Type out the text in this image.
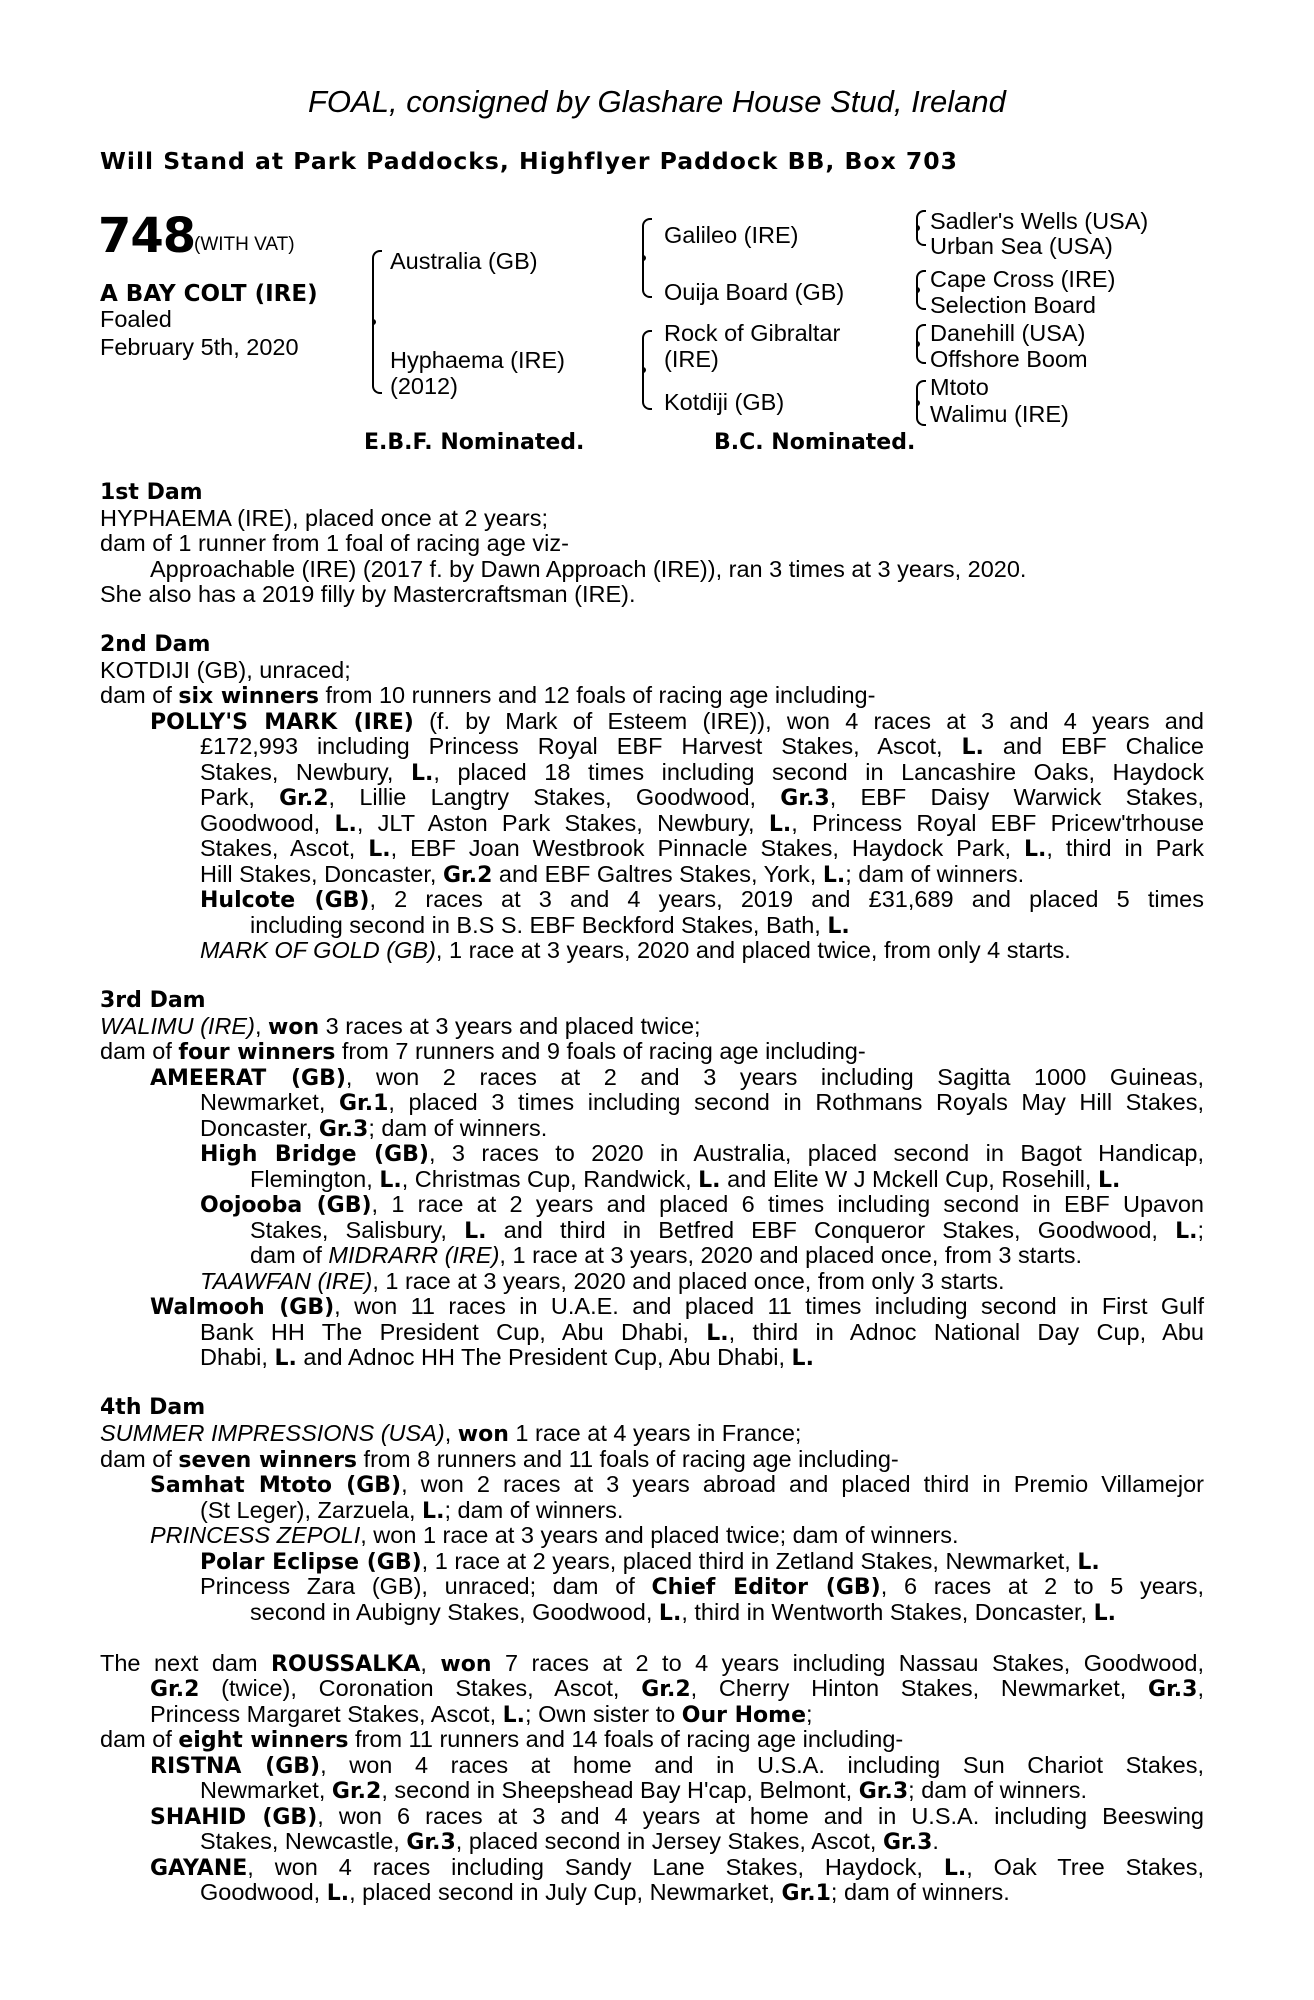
FOAL, consigned by Glashare House Stud, Ireland
Will Stand at Park Paddocks, Highflyer Paddock BB, Box 703
748
(WITH VAT)
A BAY COLT (IRE)
Foaled
February 5th, 2020
Australia (GB)
Hyphaema (IRE)
(2012)
Galileo (IRE)
Ouija Board (GB)
Rock of Gibraltar
(IRE)
Kotdiji (GB)
Sadler's Wells (USA)
Urban Sea (USA)
Cape Cross (IRE)
Selection Board
Danehill (USA)
Offshore Boom
Mtoto
Walimu (IRE)
E.B.F. Nominated.	B.C. Nominated.
1st Dam
HYPHAEMA (IRE), placed once at 2 years;
dam of 1 runner from 1 foal of racing age viz-
Approachable (IRE) (2017 f. by Dawn Approach (IRE)), ran 3 times at 3 years, 2020.
She also has a 2019 filly by Mastercraftsman (IRE).
2nd Dam
KOTDIJI (GB), unraced;
dam of six winners from 10 runners and 12 foals of racing age including-
POLLY'S MARK (IRE) (f. by Mark of Esteem (IRE)), won 4 races at 3 and 4 years and
£172,993 including Princess Royal EBF Harvest Stakes, Ascot, L. and EBF Chalice
Stakes, Newbury, L., placed 18 times including second in Lancashire Oaks, Haydock
Park, Gr.2, Lillie Langtry Stakes, Goodwood, Gr.3, EBF Daisy Warwick Stakes,
Goodwood, L., JLT Aston Park Stakes, Newbury, L., Princess Royal EBF Pricew'trhouse
Stakes, Ascot, L., EBF Joan Westbrook Pinnacle Stakes, Haydock Park, L., third in Park
Hill Stakes, Doncaster, Gr.2 and EBF Galtres Stakes, York, L.; dam of winners.
Hulcote (GB), 2 races at 3 and 4 years, 2019 and £31,689 and placed 5 times
including second in B.S S. EBF Beckford Stakes, Bath, L.
MARK OF GOLD (GB), 1 race at 3 years, 2020 and placed twice, from only 4 starts.
3rd Dam
WALIMU (IRE), won 3 races at 3 years and placed twice;
dam of four winners from 7 runners and 9 foals of racing age including-
AMEERAT (GB), won 2 races at 2 and 3 years including Sagitta 1000 Guineas,
Newmarket, Gr.1, placed 3 times including second in Rothmans Royals May Hill Stakes,
Doncaster, Gr.3; dam of winners.
High Bridge (GB), 3 races to 2020 in Australia, placed second in Bagot Handicap,
Flemington, L., Christmas Cup, Randwick, L. and Elite W J Mckell Cup, Rosehill, L.
Oojooba (GB), 1 race at 2 years and placed 6 times including second in EBF Upavon
Stakes, Salisbury, L. and third in Betfred EBF Conqueror Stakes, Goodwood, L.;
dam of MIDRARR (IRE), 1 race at 3 years, 2020 and placed once, from 3 starts.
TAAWFAN (IRE), 1 race at 3 years, 2020 and placed once, from only 3 starts.
Walmooh (GB), won 11 races in U.A.E. and placed 11 times including second in First Gulf
Bank HH The President Cup, Abu Dhabi, L., third in Adnoc National Day Cup, Abu
Dhabi, L. and Adnoc HH The President Cup, Abu Dhabi, L.
4th Dam
SUMMER IMPRESSIONS (USA), won 1 race at 4 years in France;
dam of seven winners from 8 runners and 11 foals of racing age including-
Samhat Mtoto (GB), won 2 races at 3 years abroad and placed third in Premio Villamejor
(St Leger), Zarzuela, L.; dam of winners.
PRINCESS ZEPOLI, won 1 race at 3 years and placed twice; dam of winners.
Polar Eclipse (GB), 1 race at 2 years, placed third in Zetland Stakes, Newmarket, L.
Princess Zara (GB), unraced; dam of Chief Editor (GB), 6 races at 2 to 5 years,
second in Aubigny Stakes, Goodwood, L., third in Wentworth Stakes, Doncaster, L.
The next dam ROUSSALKA, won 7 races at 2 to 4 years including Nassau Stakes, Goodwood,
Gr.2 (twice), Coronation Stakes, Ascot, Gr.2, Cherry Hinton Stakes, Newmarket, Gr.3,
Princess Margaret Stakes, Ascot, L.; Own sister to Our Home;
dam of eight winners from 11 runners and 14 foals of racing age including-
RISTNA (GB), won 4 races at home and in U.S.A. including Sun Chariot Stakes,
Newmarket, Gr.2, second in Sheepshead Bay H'cap, Belmont, Gr.3; dam of winners.
SHAHID (GB), won 6 races at 3 and 4 years at home and in U.S.A. including Beeswing
Stakes, Newcastle, Gr.3, placed second in Jersey Stakes, Ascot, Gr.3.
GAYANE, won 4 races including Sandy Lane Stakes, Haydock, L., Oak Tree Stakes,
Goodwood, L., placed second in July Cup, Newmarket, Gr.1; dam of winners.
